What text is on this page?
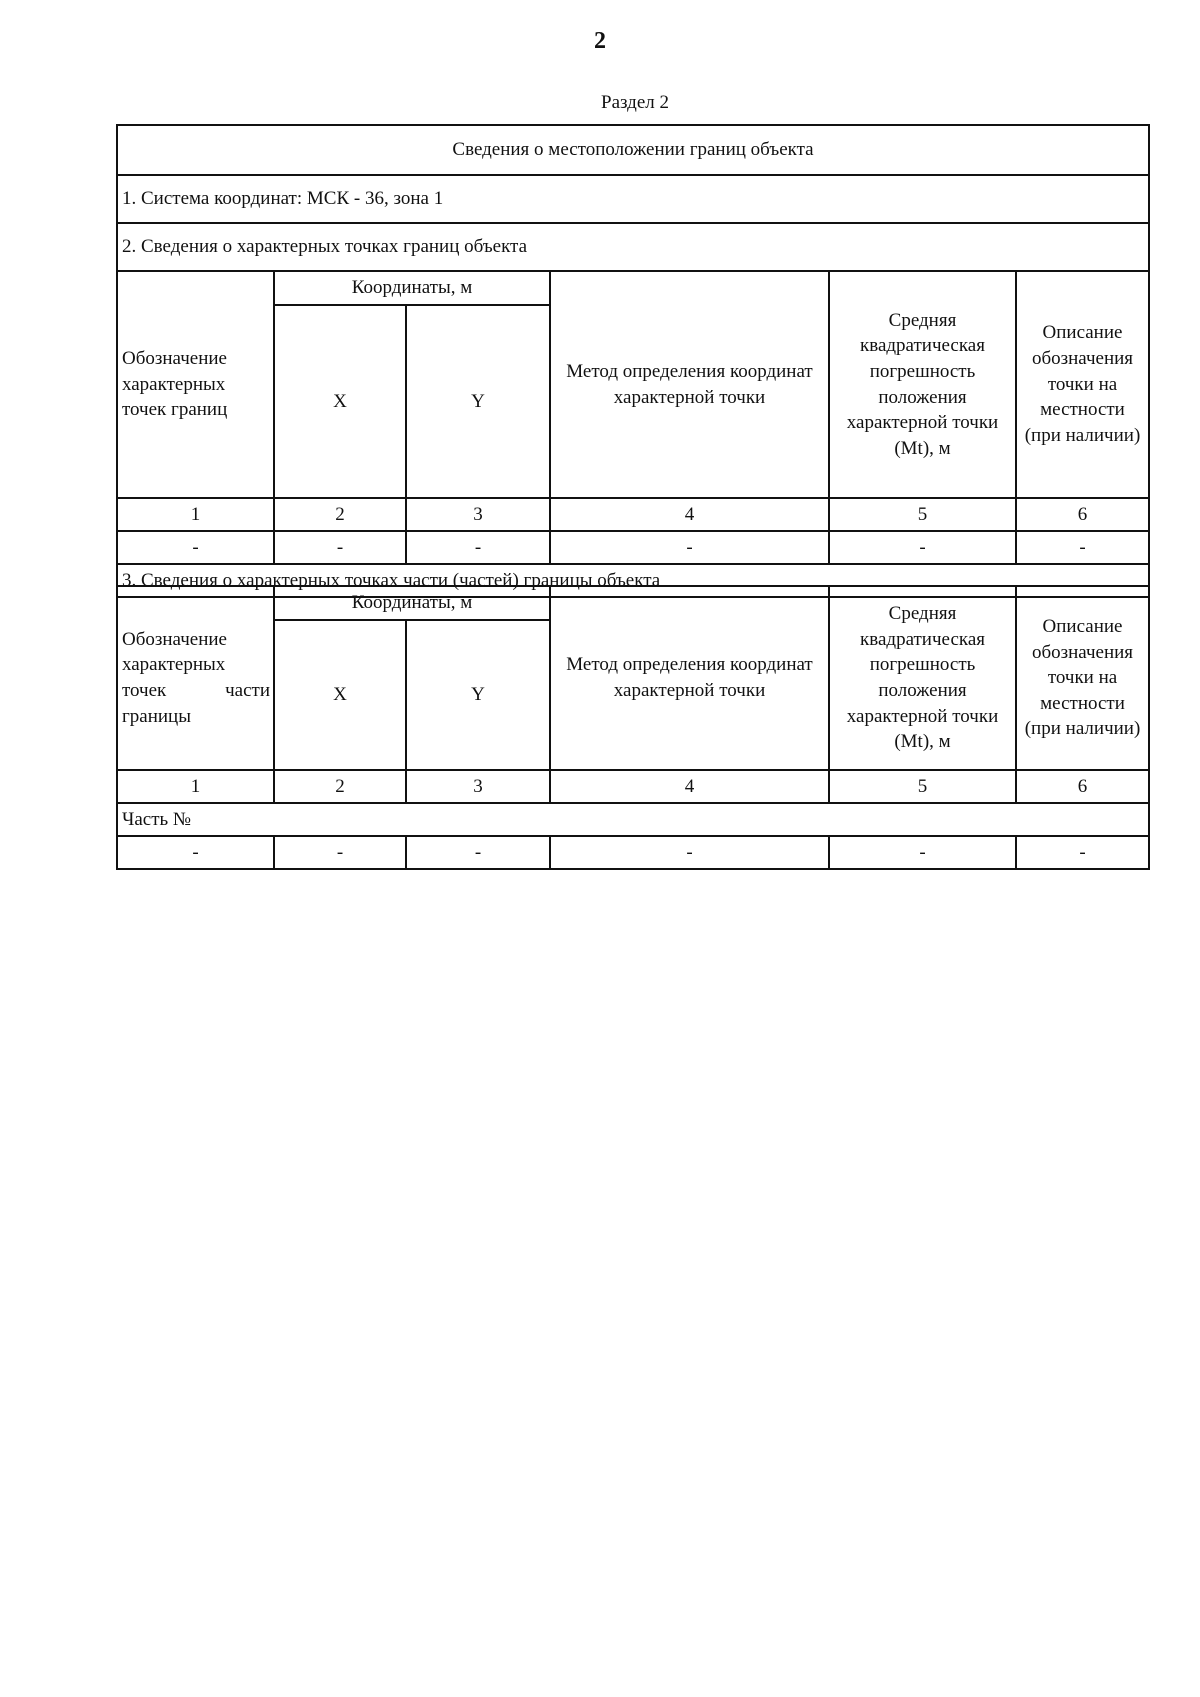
2
Раздел 2
Сведения о местоположении границ объекта					
1. Система координат: МСК - 36, зона 1					
2. Сведения о характерных точках границ объекта					
Обозначение характерных точек границ	Координаты, м		Метод определения координат характерной точки	Средняя квадратическая погрешность положения характерной точки (Mt), м	Описание обозначения точки на местности (при наличии)
	X	Y			
1	2	3	4	5	6
-	-	-	-	-	-
3. Сведения о характерных точках части (частей) границы объекта					
Обозначение характерных точек части границы	Координаты, м		Метод определения координат характерной точки	Средняя квадратическая погрешность положения характерной точки (Mt), м	Описание обозначения точки на местности (при наличии)
	X	Y			
1	2	3	4	5	6
Часть №					
-	-	-	-	-	-
